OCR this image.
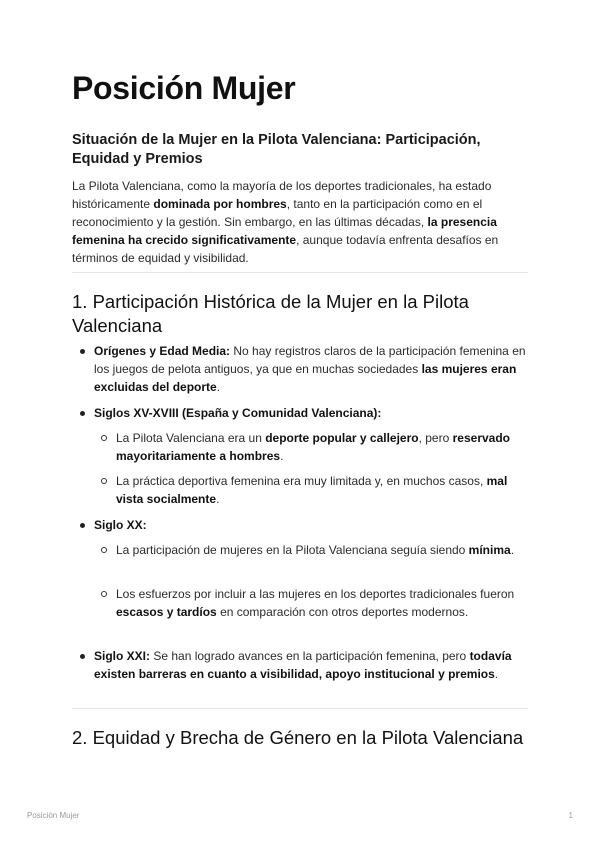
Posición Mujer

Situación de la Mujer en la Pilota Valenciana: Participación, Equidad y Premios

La Pilota Valenciana, como la mayoría de los deportes tradicionales, ha estado históricamente dominada por hombres, tanto en la participación como en el reconocimiento y la gestión. Sin embargo, en las últimas décadas, la presencia femenina ha crecido significativamente, aunque todavía enfrenta desafíos en términos de equidad y visibilidad.

1. Participación Histórica de la Mujer en la Pilota Valenciana
Orígenes y Edad Media: No hay registros claros de la participación femenina en los juegos de pelota antiguos, ya que en muchas sociedades las mujeres eran excluidas del deporte.
Siglos XV-XVIII (España y Comunidad Valenciana):
La Pilota Valenciana era un deporte popular y callejero, pero reservado mayoritariamente a hombres.
La práctica deportiva femenina era muy limitada y, en muchos casos, mal vista socialmente.
Siglo XX:
La participación de mujeres en la Pilota Valenciana seguía siendo mínima.
Los esfuerzos por incluir a las mujeres en los deportes tradicionales fueron escasos y tardíos en comparación con otros deportes modernos.
Siglo XXI: Se han logrado avances en la participación femenina, pero todavía existen barreras en cuanto a visibilidad, apoyo institucional y premios.
2. Equidad y Brecha de Género en la Pilota Valenciana
Posición Mujer	1
